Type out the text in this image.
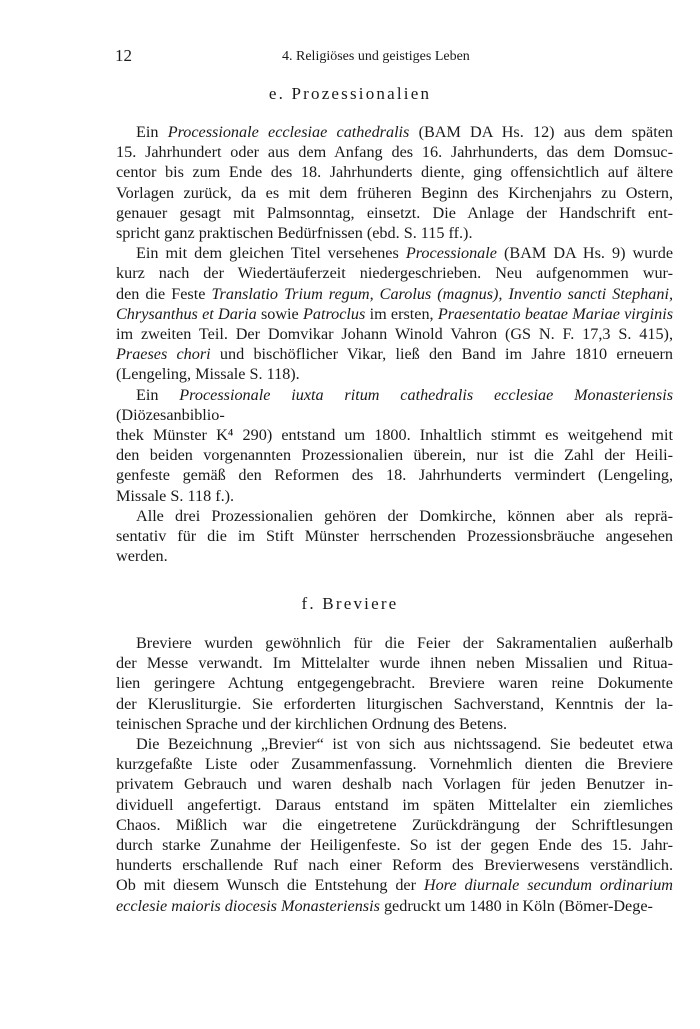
12	4. Religiöses und geistiges Leben
e. Prozessionalien
Ein Processionale ecclesiae cathedralis (BAM DA Hs. 12) aus dem späten
15. Jahrhundert oder aus dem Anfang des 16. Jahrhunderts, das dem Domsuc-
centor bis zum Ende des 18. Jahrhunderts diente, ging offensichtlich auf ältere
Vorlagen zurück, da es mit dem früheren Beginn des Kirchenjahrs zu Ostern,
genauer gesagt mit Palmsonntag, einsetzt. Die Anlage der Handschrift ent-
spricht ganz praktischen Bedürfnissen (ebd. S. 115 ff.).
Ein mit dem gleichen Titel versehenes Processionale (BAM DA Hs. 9) wurde
kurz nach der Wiedertäuferzeit niedergeschrieben. Neu aufgenommen wur-
den die Feste Translatio Trium regum, Carolus (magnus), Inventio sancti Stephani,
Chrysanthus et Daria sowie Patroclus im ersten, Praesentatio beatae Mariae virginis
im zweiten Teil. Der Domvikar Johann Winold Vahron (GS N. F. 17,3 S. 415),
Praeses chori und bischöflicher Vikar, ließ den Band im Jahre 1810 erneuern
(Lengeling, Missale S. 118).
Ein Processionale iuxta ritum cathedralis ecclesiae Monasteriensis (Diözesanbiblio-
thek Münster K⁴ 290) entstand um 1800. Inhaltlich stimmt es weitgehend mit
den beiden vorgenannten Prozessionalien überein, nur ist die Zahl der Heili-
genfeste gemäß den Reformen des 18. Jahrhunderts vermindert (Lengeling,
Missale S. 118 f.).
Alle drei Prozessionalien gehören der Domkirche, können aber als reprä-
sentativ für die im Stift Münster herrschenden Prozessionsbräuche angesehen
werden.
f. Breviere
Breviere wurden gewöhnlich für die Feier der Sakramentalien außerhalb
der Messe verwandt. Im Mittelalter wurde ihnen neben Missalien und Ritua-
lien geringere Achtung entgegengebracht. Breviere waren reine Dokumente
der Klerusliturgie. Sie erforderten liturgischen Sachverstand, Kenntnis der la-
teinischen Sprache und der kirchlichen Ordnung des Betens.
Die Bezeichnung „Brevier“ ist von sich aus nichtssagend. Sie bedeutet etwa
kurzgefaßte Liste oder Zusammenfassung. Vornehmlich dienten die Breviere
privatem Gebrauch und waren deshalb nach Vorlagen für jeden Benutzer in-
dividuell angefertigt. Daraus entstand im späten Mittelalter ein ziemliches
Chaos. Mißlich war die eingetretene Zurückdrängung der Schriftlesungen
durch starke Zunahme der Heiligenfeste. So ist der gegen Ende des 15. Jahr-
hunderts erschallende Ruf nach einer Reform des Brevierwesens verständlich.
Ob mit diesem Wunsch die Entstehung der Hore diurnale secundum ordinarium
ecclesie maioris diocesis Monasteriensis gedruckt um 1480 in Köln (Bömer-Dege-
